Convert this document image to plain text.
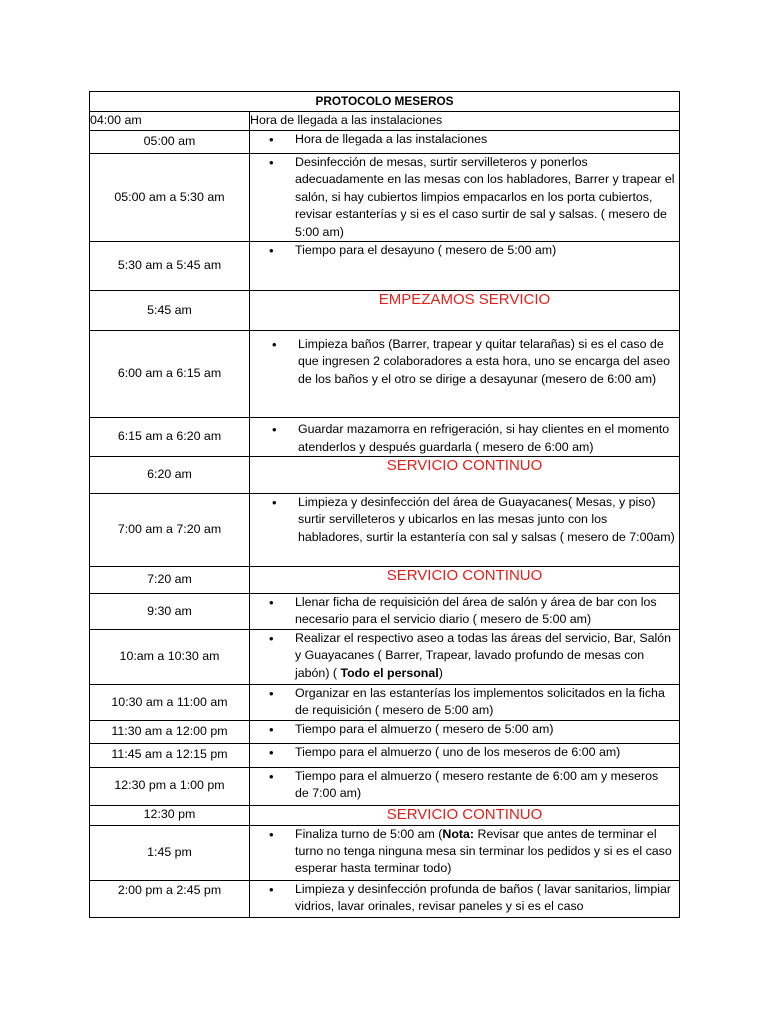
PROTOCOLO MESEROS	
04:00 am	Hora de llegada a las instalaciones
05:00 am	• Hora de llegada a las instalaciones

05:00 am a 5:30 am	• Desinfección de mesas, surtir servilleteros y ponerlos adecuadamente en las mesas con los habladores, Barrer y trapear el salón, si hay cubiertos limpios empacarlos en los porta cubiertos, revisar estanterías y si es el caso surtir de sal y salsas. ( mesero de 5:00 am)

5:30 am a 5:45 am	• Tiempo para el desayuno ( mesero de 5:00 am)

5:45 am	EMPEZAMOS SERVICIO
6:00 am a 6:15 am	• Limpieza baños (Barrer, trapear y quitar telarañas) si es el caso de que ingresen 2 colaboradores a esta hora, uno se encarga del aseo de los baños y el otro se dirige a desayunar (mesero de 6:00 am)

6:15 am a 6:20 am	• Guardar mazamorra en refrigeración, si hay clientes en el momento atenderlos y después guardarla ( mesero de 6:00 am)

6:20 am	SERVICIO CONTINUO
7:00 am a 7:20 am	• Limpieza y desinfección del área de Guayacanes( Mesas, y piso) surtir servilleteros y ubicarlos en las mesas junto con los habladores, surtir la estantería con sal y salsas ( mesero de 7:00am)

7:20 am	SERVICIO CONTINUO
9:30 am	• Llenar ficha de requisición del área de salón y área de bar con los necesario para el servicio diario ( mesero de 5:00 am)

10:am a 10:30 am	• Realizar el respectivo aseo a todas las áreas del servicio, Bar, Salón y Guayacanes ( Barrer, Trapear, lavado profundo de mesas con jabón) ( Todo el personal)

10:30 am a 11:00 am	• Organizar en las estanterías los implementos solicitados en la ficha de requisición ( mesero de 5:00 am)

11:30 am a 12:00 pm	• Tiempo para el almuerzo ( mesero de 5:00 am)

11:45 am a 12:15 pm	• Tiempo para el almuerzo ( uno de los meseros de 6:00 am)

12:30 pm a 1:00 pm	• Tiempo para el almuerzo ( mesero restante de 6:00 am y meseros de 7:00 am)

12:30 pm	SERVICIO CONTINUO
1:45 pm	• Finaliza turno de 5:00 am (Nota: Revisar que antes de terminar el turno no tenga ninguna mesa sin terminar los pedidos y si es el caso esperar hasta terminar todo)

2:00 pm a 2:45 pm	• Limpieza y desinfección profunda de baños ( lavar sanitarios, limpiar vidrios, lavar orinales, revisar paneles y si es el caso
